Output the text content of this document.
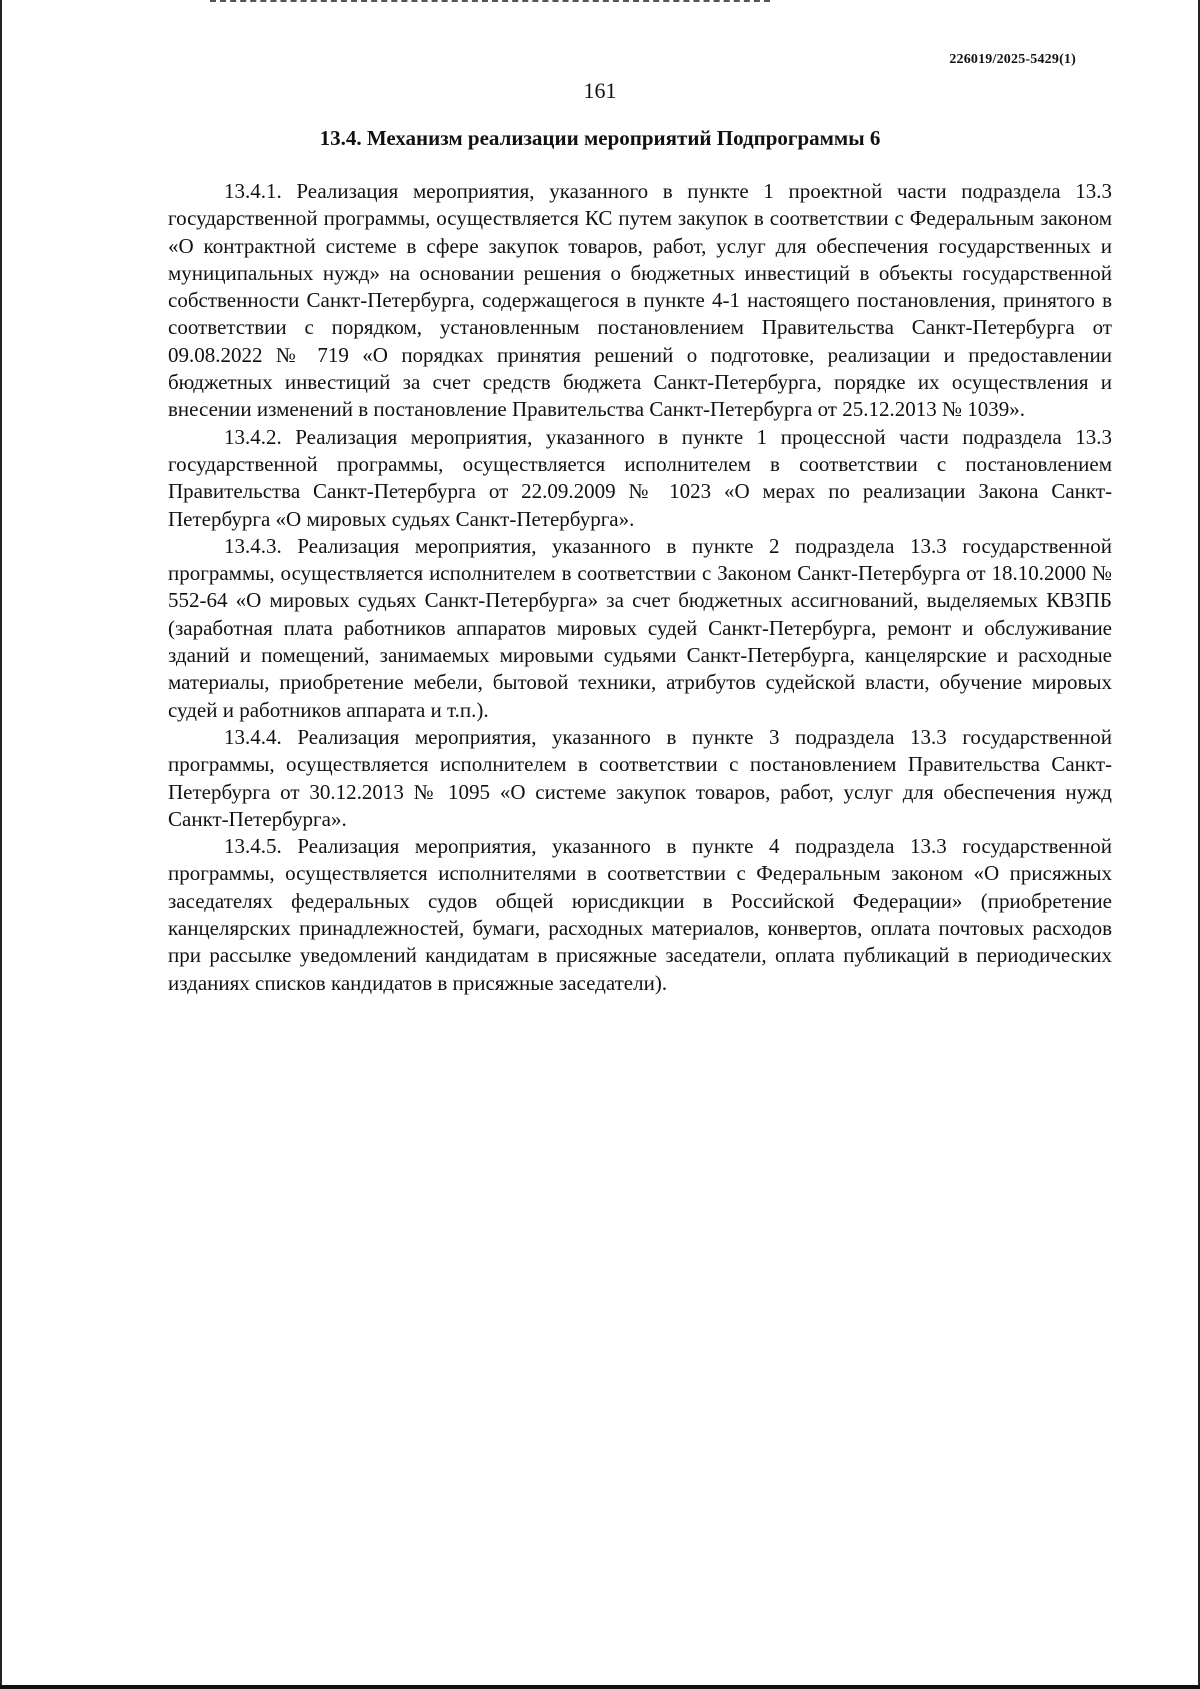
226019/2025-5429(1)
161
13.4. Механизм реализации мероприятий Подпрограммы 6

13.4.1. Реализация мероприятия, указанного в пункте 1 проектной части подраздела 13.3 государственной программы, осуществляется КС путем закупок в соответствии с Федеральным законом «О контрактной системе в сфере закупок товаров, работ, услуг для обеспечения государственных и муниципальных нужд» на основании решения о бюджетных инвестиций в объекты государственной собственности Санкт-Петербурга, содержащегося в пункте 4-1 настоящего постановления, принятого в соответствии с порядком, установленным постановлением Правительства Санкт-Петербурга от 09.08.2022 № 719 «О порядках принятия решений о подготовке, реализации и предоставлении бюджетных инвестиций за счет средств бюджета Санкт-Петербурга, порядке их осуществления и внесении изменений в постановление Правительства Санкт-Петербурга от 25.12.2013 № 1039».

13.4.2. Реализация мероприятия, указанного в пункте 1 процессной части подраздела 13.3 государственной программы, осуществляется исполнителем в соответствии с постановлением Правительства Санкт-Петербурга от 22.09.2009 № 1023 «О мерах по реализации Закона Санкт-Петербурга «О мировых судьях Санкт-Петербурга».

13.4.3. Реализация мероприятия, указанного в пункте 2 подраздела 13.3 государственной программы, осуществляется исполнителем в соответствии с Законом Санкт-Петербурга от 18.10.2000 № 552-64 «О мировых судьях Санкт-Петербурга» за счет бюджетных ассигнований, выделяемых КВЗПБ (заработная плата работников аппаратов мировых судей Санкт-Петербурга, ремонт и обслуживание зданий и помещений, занимаемых мировыми судьями Санкт-Петербурга, канцелярские и расходные материалы, приобретение мебели, бытовой техники, атрибутов судейской власти, обучение мировых судей и работников аппарата и т.п.).

13.4.4. Реализация мероприятия, указанного в пункте 3 подраздела 13.3 государственной программы, осуществляется исполнителем в соответствии с постановлением Правительства Санкт-Петербурга от 30.12.2013 № 1095 «О системе закупок товаров, работ, услуг для обеспечения нужд Санкт-Петербурга».

13.4.5. Реализация мероприятия, указанного в пункте 4 подраздела 13.3 государственной программы, осуществляется исполнителями в соответствии с Федеральным законом «О присяжных заседателях федеральных судов общей юрисдикции в Российской Федерации» (приобретение канцелярских принадлежностей, бумаги, расходных материалов, конвертов, оплата почтовых расходов при рассылке уведомлений кандидатам в присяжные заседатели, оплата публикаций в периодических изданиях списков кандидатов в присяжные заседатели).
